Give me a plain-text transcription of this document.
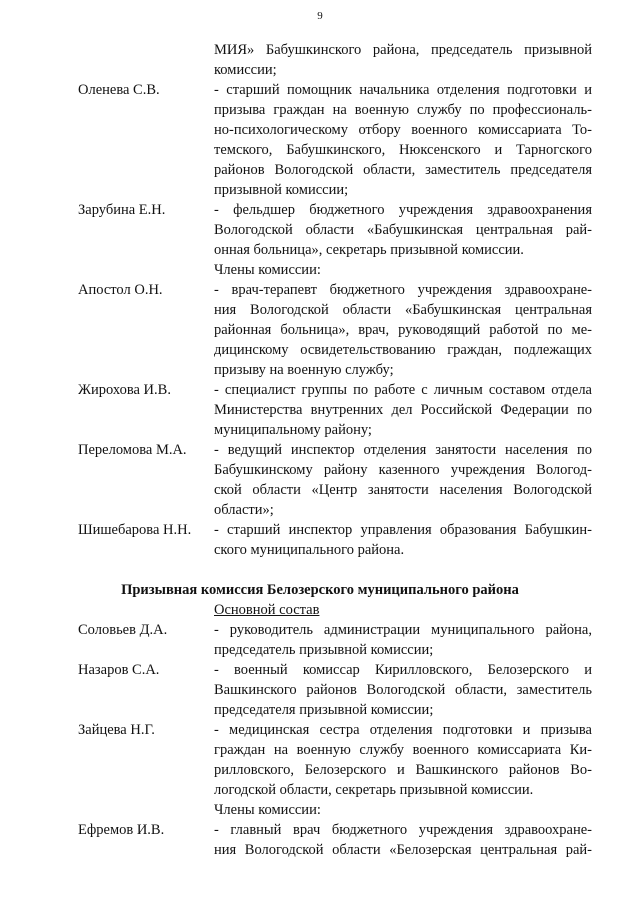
9
МИЯ» Бабушкинского района, председатель призывной
комиссии;
Оленева С.В.	- старший помощник начальника отделения подготовки и
призыва граждан на военную службу по профессиональ-
но-психологическому отбору военного комиссариата То-
темского, Бабушкинского, Нюксенского и Тарногского
районов Вологодской области, заместитель председателя
призывной комиссии;
Зарубина Е.Н.	- фельдшер бюджетного учреждения здравоохранения
Вологодской области «Бабушкинская центральная рай-
онная больница», секретарь призывной комиссии.
Члены комиссии:
Апостол О.Н.	- врач-терапевт бюджетного учреждения здравоохране-
ния Вологодской области «Бабушкинская центральная
районная больница», врач, руководящий работой по ме-
дицинскому освидетельствованию граждан, подлежащих
призыву на военную службу;
Жирохова И.В.	- специалист группы по работе с личным составом отдела
Министерства внутренних дел Российской Федерации по
муниципальному району;
Переломова М.А. - ведущий инспектор отделения занятости населения по
Бабушкинскому району казенного учреждения Вологод-
ской области «Центр занятости населения Вологодской
области»;
Шишебарова Н.Н. - старший инспектор управления образования Бабушкин-
ского муниципального района.
Призывная комиссия Белозерского муниципального района
Основной состав
Соловьев Д.А.	- руководитель администрации муниципального района,
председатель призывной комиссии;
Назаров С.А.	- военный комиссар Кирилловского, Белозерского и
Вашкинского районов Вологодской области, заместитель
председателя призывной комиссии;
Зайцева Н.Г.	- медицинская сестра отделения подготовки и призыва
граждан на военную службу военного комиссариата Ки-
рилловского, Белозерского и Вашкинского районов Во-
логодской области, секретарь призывной комиссии.
Члены комиссии:
Ефремов И.В.	- главный врач бюджетного учреждения здравоохране-
ния Вологодской области «Белозерская центральная рай-
